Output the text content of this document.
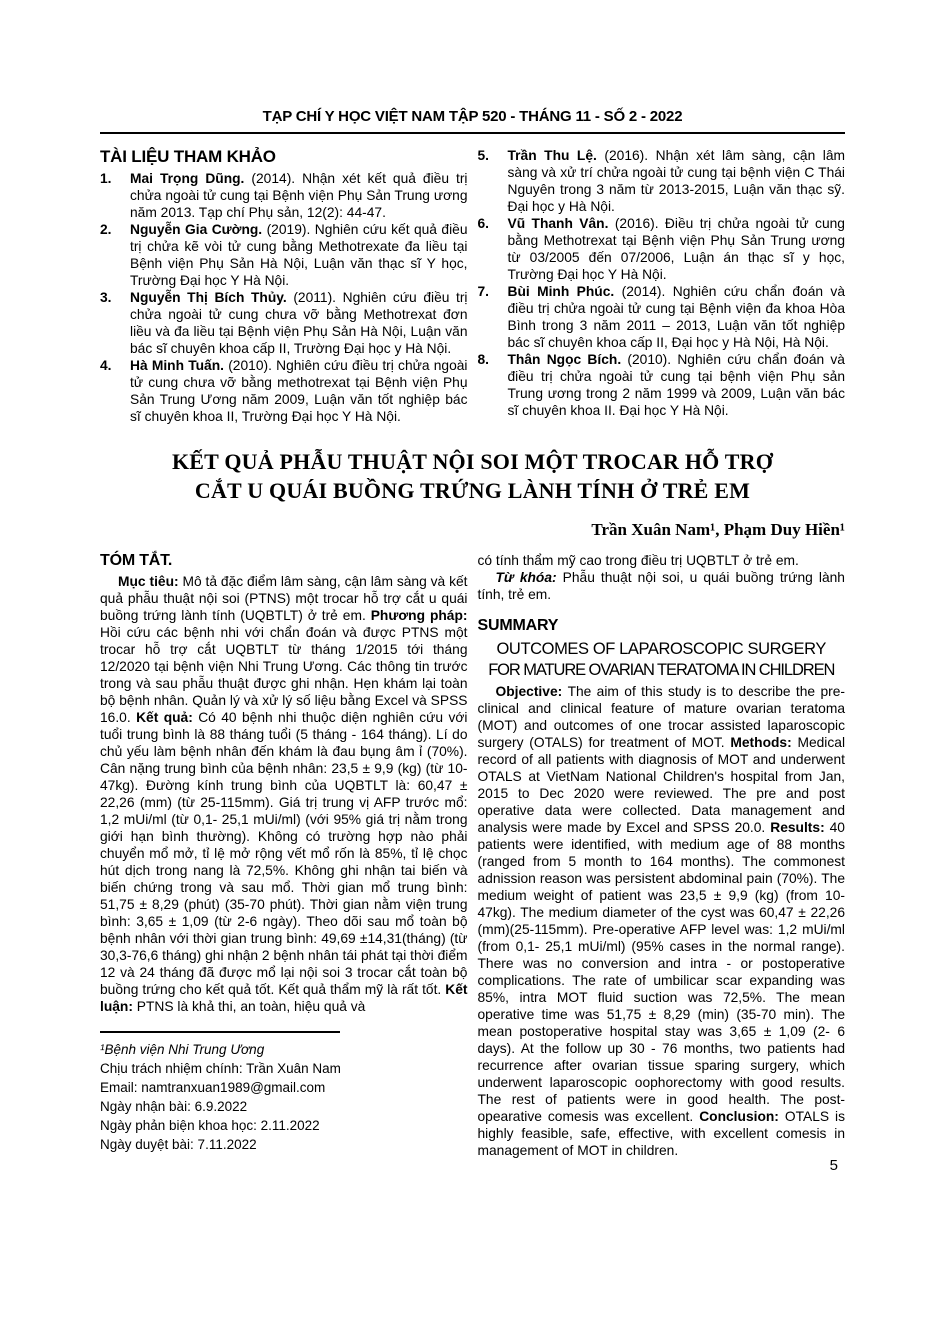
TẠP CHÍ Y HỌC VIỆT NAM TẬP 520 - THÁNG 11 - SỐ 2 - 2022
TÀI LIỆU THAM KHẢO
1.	Mai Trọng Dũng. (2014). Nhận xét kết quả điều trị chửa ngoài tử cung tại Bệnh viện Phụ Sản Trung ương năm 2013. Tạp chí Phụ sản, 12(2): 44-47.
2.	Nguyễn Gia Cường. (2019). Nghiên cứu kết quả điều trị chửa kẽ vòi tử cung bằng Methotrexate đa liều tại Bệnh viện Phụ Sản Hà Nội, Luận văn thạc sĩ Y học, Trường Đại học Y Hà Nội.
3.	Nguyễn Thị Bích Thủy. (2011). Nghiên cứu điều trị chửa ngoài tử cung chưa vỡ bằng Methotrexat đơn liều và đa liều tại Bệnh viện Phụ Sản Hà Nội, Luận văn bác sĩ chuyên khoa cấp II, Trường Đại học y Hà Nội.
4.	Hà Minh Tuấn. (2010). Nghiên cứu điều trị chửa ngoài tử cung chưa vỡ bằng methotrexat tại Bệnh viện Phụ Sản Trung Ương năm 2009, Luận văn tốt nghiệp bác sĩ chuyên khoa II, Trường Đại học Y Hà Nội.
5.	Trần Thu Lệ. (2016). Nhận xét lâm sàng, cận lâm sàng và xử trí chửa ngoài tử cung tại bệnh viện C Thái Nguyên trong 3 năm từ 2013-2015, Luận văn thạc sỹ. Đại học y Hà Nội.
6.	Vũ Thanh Vân. (2016). Điều trị chửa ngoài tử cung bằng Methotrexat tại Bệnh viện Phụ Sản Trung ương từ 03/2005 đến 07/2006, Luận án thạc sĩ y học, Trường Đại học Y Hà Nội.
7.	Bùi Minh Phúc. (2014). Nghiên cứu chẩn đoán và điều trị chửa ngoài tử cung tại Bệnh viện đa khoa Hòa Bình trong 3 năm 2011 – 2013, Luận văn tốt nghiệp bác sĩ chuyên khoa cấp II, Đại học y Hà Nội, Hà Nội.
8.	Thân Ngọc Bích. (2010). Nghiên cứu chẩn đoán và điều trị chửa ngoài tử cung tại bệnh viện Phụ sản Trung ương trong 2 năm 1999 và 2009, Luận văn bác sĩ chuyên khoa II. Đại học Y Hà Nội.
KẾT QUẢ PHẪU THUẬT NỘI SOI MỘT TROCAR HỖ TRỢ
CẮT U QUÁI BUỒNG TRỨNG LÀNH TÍNH Ở TRẺ EM
Trần Xuân Nam¹, Phạm Duy Hiền¹
TÓM TẮT.

Mục tiêu: Mô tả đặc điểm lâm sàng, cận lâm sàng và kết quả phẫu thuật nội soi (PTNS) một trocar hỗ trợ cắt u quái buồng trứng lành tính (UQBTLT) ở trẻ em. Phương pháp: Hồi cứu các bệnh nhi với chẩn đoán và được PTNS một trocar hỗ trợ cắt UQBTLT từ tháng 1/2015 tới tháng 12/2020 tại bệnh viện Nhi Trung Ương. Các thông tin trước trong và sau phẫu thuật được ghi nhận. Hẹn khám lại toàn bộ bệnh nhân. Quản lý và xử lý số liệu bằng Excel và SPSS 16.0. Kết quả: Có 40 bệnh nhi thuộc diện nghiên cứu với tuổi trung bình là 88 tháng tuổi (5 tháng - 164 tháng). Lí do chủ yếu làm bệnh nhân đến khám là đau bụng âm ỉ (70%). Cân nặng trung bình của bệnh nhân: 23,5 ± 9,9 (kg) (từ 10- 47kg). Đường kính trung bình của UQBTLT là: 60,47 ± 22,26 (mm) (từ 25-115mm). Giá trị trung vị AFP trước mổ: 1,2 mUi/ml (từ 0,1- 25,1 mUi/ml) (với 95% giá trị nằm trong giới hạn bình thường). Không có trường hợp nào phải chuyển mổ mở, tỉ lệ mở rộng vết mổ rốn là 85%, tỉ lệ chọc hút dịch trong nang là 72,5%. Không ghi nhận tai biến và biến chứng trong và sau mổ. Thời gian mổ trung bình: 51,75 ± 8,29 (phút) (35-70 phút). Thời gian nằm viện trung bình: 3,65 ± 1,09 (từ 2-6 ngày). Theo dõi sau mổ toàn bộ bệnh nhân với thời gian trung bình: 49,69 ±14,31(tháng) (từ 30,3-76,6 tháng) ghi nhận 2 bệnh nhân tái phát tại thời điểm 12 và 24 tháng đã được mổ lại nội soi 3 trocar cắt toàn bộ buồng trứng cho kết quả tốt. Kết quả thẩm mỹ là rất tốt. Kết luận: PTNS là khả thi, an toàn, hiệu quả và

¹Bệnh viện Nhi Trung Ương

Chịu trách nhiệm chính: Trần Xuân Nam

Email: namtranxuan1989@gmail.com

Ngày nhận bài: 6.9.2022

Ngày phản biện khoa học: 2.11.2022

Ngày duyệt bài: 7.11.2022

có tính thẩm mỹ cao trong điều trị UQBTLT ở trẻ em.

Từ khóa: Phẫu thuật nội soi, u quái buồng trứng lành tính, trẻ em.

SUMMARY
OUTCOMES OF LAPAROSCOPIC SURGERY
FOR MATURE OVARIAN TERATOMA IN CHILDREN

Objective: The aim of this study is to describe the pre-clinical and clinical feature of mature ovarian teratoma (MOT) and outcomes of one trocar assisted laparoscopic surgery (OTALS) for treatment of MOT. Methods: Medical record of all patients with diagnosis of MOT and underwent OTALS at VietNam National Children's hospital from Jan, 2015 to Dec 2020 were reviewed. The pre and post operative data were collected. Data management and analysis were made by Excel and SPSS 20.0. Results: 40 patients were identified, with medium age of 88 months (ranged from 5 month to 164 months). The commonest adnission reason was persistent abdominal pain (70%). The medium weight of patient was 23,5 ± 9,9 (kg) (from 10- 47kg). The medium diameter of the cyst was 60,47 ± 22,26 (mm)(25-115mm). Pre-operative AFP level was: 1,2 mUi/ml (from 0,1- 25,1 mUi/ml) (95% cases in the normal range). There was no conversion and intra - or postoperative complications. The rate of umbilicar scar expanding was 85%, intra MOT fluid suction was 72,5%. The mean operative time was 51,75 ± 8,29 (min) (35-70 min). The mean postoperative hospital stay was 3,65 ± 1,09 (2- 6 days). At the follow up 30 - 76 months, two patients had recurrence after ovarian tissue sparing surgery, which underwent laparoscopic oophorectomy with good results. The rest of patients were in good health. The post-opearative comesis was excellent. Conclusion: OTALS is highly feasible, safe, effective, with excellent comesis in management of MOT in children.

5
